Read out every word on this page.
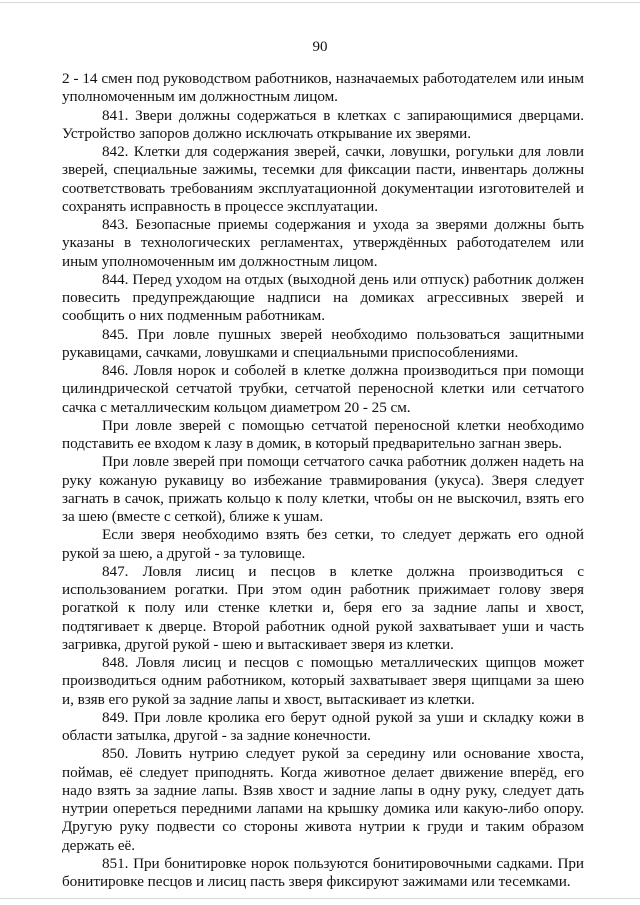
90

2 - 14 смен под руководством работников, назначаемых работодателем или иным уполномоченным им должностным лицом.

841. Звери должны содержаться в клетках с запирающимися дверцами. Устройство запоров должно исключать открывание их зверями.

842. Клетки для содержания зверей, сачки, ловушки, рогульки для ловли зверей, специальные зажимы, тесемки для фиксации пасти, инвентарь должны соответствовать требованиям эксплуатационной документации изготовителей и сохранять исправность в процессе эксплуатации.

843. Безопасные приемы содержания и ухода за зверями должны быть указаны в технологических регламентах, утверждённых работодателем или иным уполномоченным им должностным лицом.

844. Перед уходом на отдых (выходной день или отпуск) работник должен повесить предупреждающие надписи на домиках агрессивных зверей и сообщить о них подменным работникам.

845. При ловле пушных зверей необходимо пользоваться защитными рукавицами, сачками, ловушками и специальными приспособлениями.

846. Ловля норок и соболей в клетке должна производиться при помощи цилиндрической сетчатой трубки, сетчатой переносной клетки или сетчатого сачка с металлическим кольцом диаметром 20 - 25 см.

При ловле зверей с помощью сетчатой переносной клетки необходимо подставить ее входом к лазу в домик, в который предварительно загнан зверь.

При ловле зверей при помощи сетчатого сачка работник должен надеть на руку кожаную рукавицу во избежание травмирования (укуса). Зверя следует загнать в сачок, прижать кольцо к полу клетки, чтобы он не выскочил, взять его за шею (вместе с сеткой), ближе к ушам.

Если зверя необходимо взять без сетки, то следует держать его одной рукой за шею, а другой - за туловище.

847. Ловля лисиц и песцов в клетке должна производиться с использованием рогатки. При этом один работник прижимает голову зверя рогаткой к полу или стенке клетки и, беря его за задние лапы и хвост, подтягивает к дверце. Второй работник одной рукой захватывает уши и часть загривка, другой рукой - шею и вытаскивает зверя из клетки.

848. Ловля лисиц и песцов с помощью металлических щипцов может производиться одним работником, который захватывает зверя щипцами за шею и, взяв его рукой за задние лапы и хвост, вытаскивает из клетки.

849. При ловле кролика его берут одной рукой за уши и складку кожи в области затылка, другой - за задние конечности.

850. Ловить нутрию следует рукой за середину или основание хвоста, поймав, её следует приподнять. Когда животное делает движение вперёд, его надо взять за задние лапы. Взяв хвост и задние лапы в одну руку, следует дать нутрии опереться передними лапами на крышку домика или какую-либо опору. Другую руку подвести со стороны живота нутрии к груди и таким образом держать её.

851. При бонитировке норок пользуются бонитировочными садками. При бонитировке песцов и лисиц пасть зверя фиксируют зажимами или тесемками.
